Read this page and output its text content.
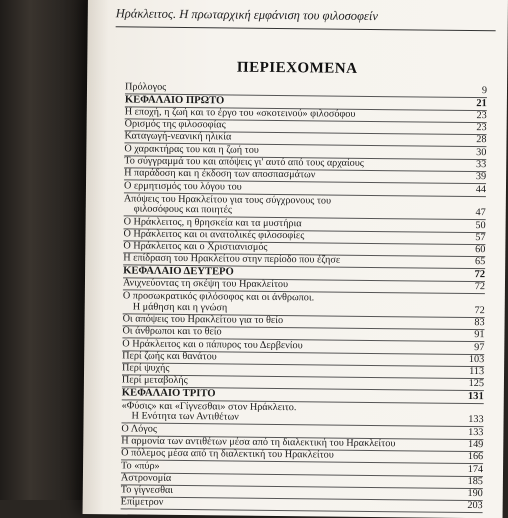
Ηράκλειτος. Η πρωταρχική εμφάνιση του φιλοσοφείν
ΠΕΡΙΕΧΟΜΕΝΑ
Πρόλογος	9
ΚΕΦΑΛΑΙΟ ΠΡΩΤΟ	21
Η εποχή, η ζωή και το έργο του «σκοτεινού» φιλοσόφου	23
Ορισμός της φιλοσοφίας	23
Καταγωγή-νεανική ηλικία	28
Ο χαρακτήρας του και η ζωή του	30
Το σύγγραμμά του και απόψεις γι' αυτό από τους αρχαίους	33
Η παράδοση και η έκδοση των αποσπασμάτων	39
Ο ερμητισμός του λόγου του	44
Απόψεις του Ηρακλείτου για τους σύγχρονους του
φιλοσόφους και ποιητές	47
Ο Ηράκλειτος, η θρησκεία και τα μυστήρια	50
Ο Ηράκλειτος και οι ανατολικές φιλοσοφίες	57
Ο Ηράκλειτος και ο Χριστιανισμός	60
Η επίδραση του Ηρακλείτου στην περίοδο που έζησε	65
ΚΕΦΑΛΑΙΟ ΔΕΥΤΕΡΟ	72
Ανιχνεύοντας τη σκέψη του Ηρακλείτου	72
Ο προσωκρατικός φιλόσοφος και οι άνθρωποι.
Η μάθηση και η γνώση	72
Οι απόψεις του Ηρακλείτου για το θείο	83
Οι άνθρωποι και το θείο	91
Ο Ηράκλειτος και ο πάπυρος του Δερβενίου	97
Περί ζωής και θανάτου	103
Περί ψυχής	113
Περί μεταβολής	125
ΚΕΦΑΛΑΙΟ ΤΡΙΤΟ	131
«Φύσις» και «Γίγνεσθαι» στον Ηράκλειτο.
Η Ενότητα των Αντιθέτων	133
Ο Λόγος	133
Η αρμονία των αντιθέτων μέσα από τη διαλεκτική του Ηρακλείτου	149
Ο πόλεμος μέσα από τη διαλεκτική του Ηρακλείτου	166
Το «πύρ»	174
Αστρονομία	185
Το γίγνεσθαι	190
Επίμετρον	203
